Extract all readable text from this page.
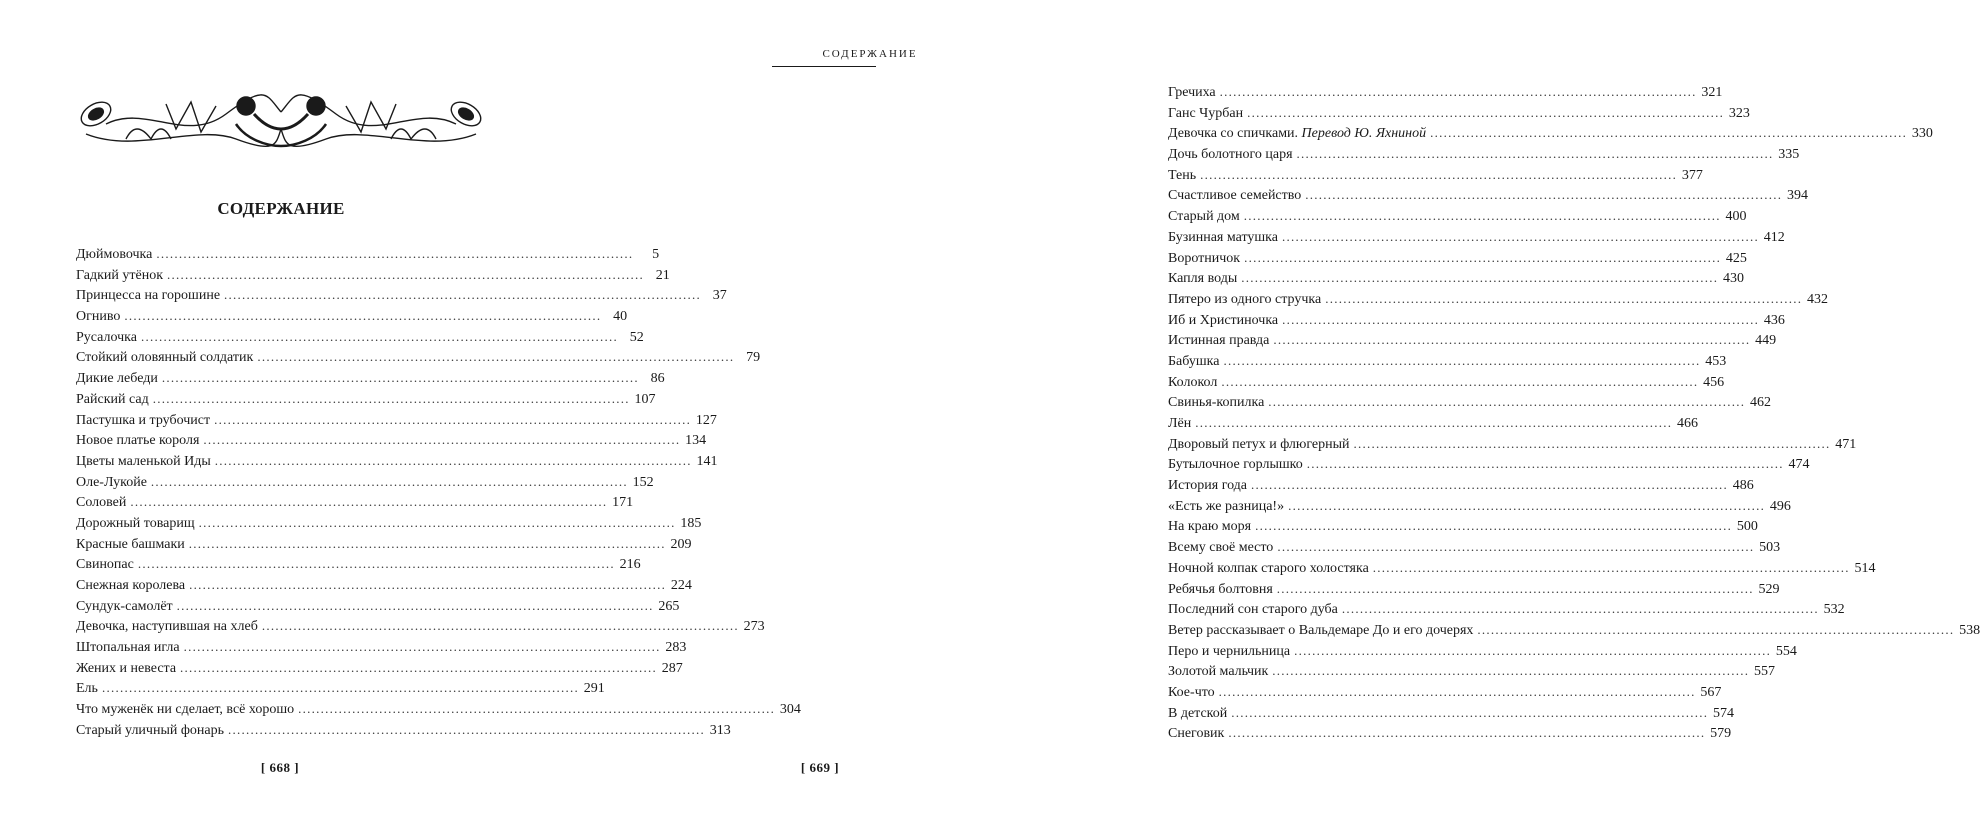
СОДЕРЖАНИЕ
Дюймовочка . . .	5
Гадкий утёнок . . .	21
Принцесса на горошине . . .	37
Огниво . . .	40
Русалочка . . .	52
Стойкий оловянный солдатик . . .	79
Дикие лебеди . . .	86
Райский сад . . .	107
Пастушка и трубочист . . .	127
Новое платье короля . . .	134
Цветы маленькой Иды . . .	141
Оле-Лукойе . . .	152
Соловей . . .	171
Дорожный товарищ . . .	185
Красные башмаки . . .	209
Свинопас . . .	216
Снежная королева . . .	224
Сундук-самолёт . . .	265
Девочка, наступившая на хлеб . . .	273
Штопальная игла . . .	283
Жених и невеста . . .	287
Ель . . .	291
Что муженёк ни сделает, всё хорошо . . .	304
Старый уличный фонарь . . .	313
[ 668 ]
СОДЕРЖАНИЕ
Гречиха . . .	321
Ганс Чурбан . . .	323
Девочка со спичками. Перевод Ю. Яхниной . . .	330
Дочь болотного царя . . .	335
Тень . . .	377
Счастливое семейство . . .	394
Старый дом . . .	400
Бузинная матушка . . .	412
Воротничок . . .	425
Капля воды . . .	430
Пятеро из одного стручка . . .	432
Иб и Христиночка . . .	436
Истинная правда . . .	449
Бабушка . . .	453
Колокол . . .	456
Свинья-копилка . . .	462
Лён . . .	466
Дворовый петух и флюгерный . . .	471
Бутылочное горлышко . . .	474
История года . . .	486
«Есть же разница!» . . .	496
На краю моря . . .	500
Всему своё место . . .	503
Ночной колпак старого холостяка . . .	514
Ребячья болтовня . . .	529
Последний сон старого дуба . . .	532
Ветер рассказывает о Вальдемаре До и его дочерях . . .	538
Перо и чернильница . . .	554
Золотой мальчик . . .	557
Кое-что . . .	567
В детской . . .	574
Снеговик . . .	579
[ 669 ]
